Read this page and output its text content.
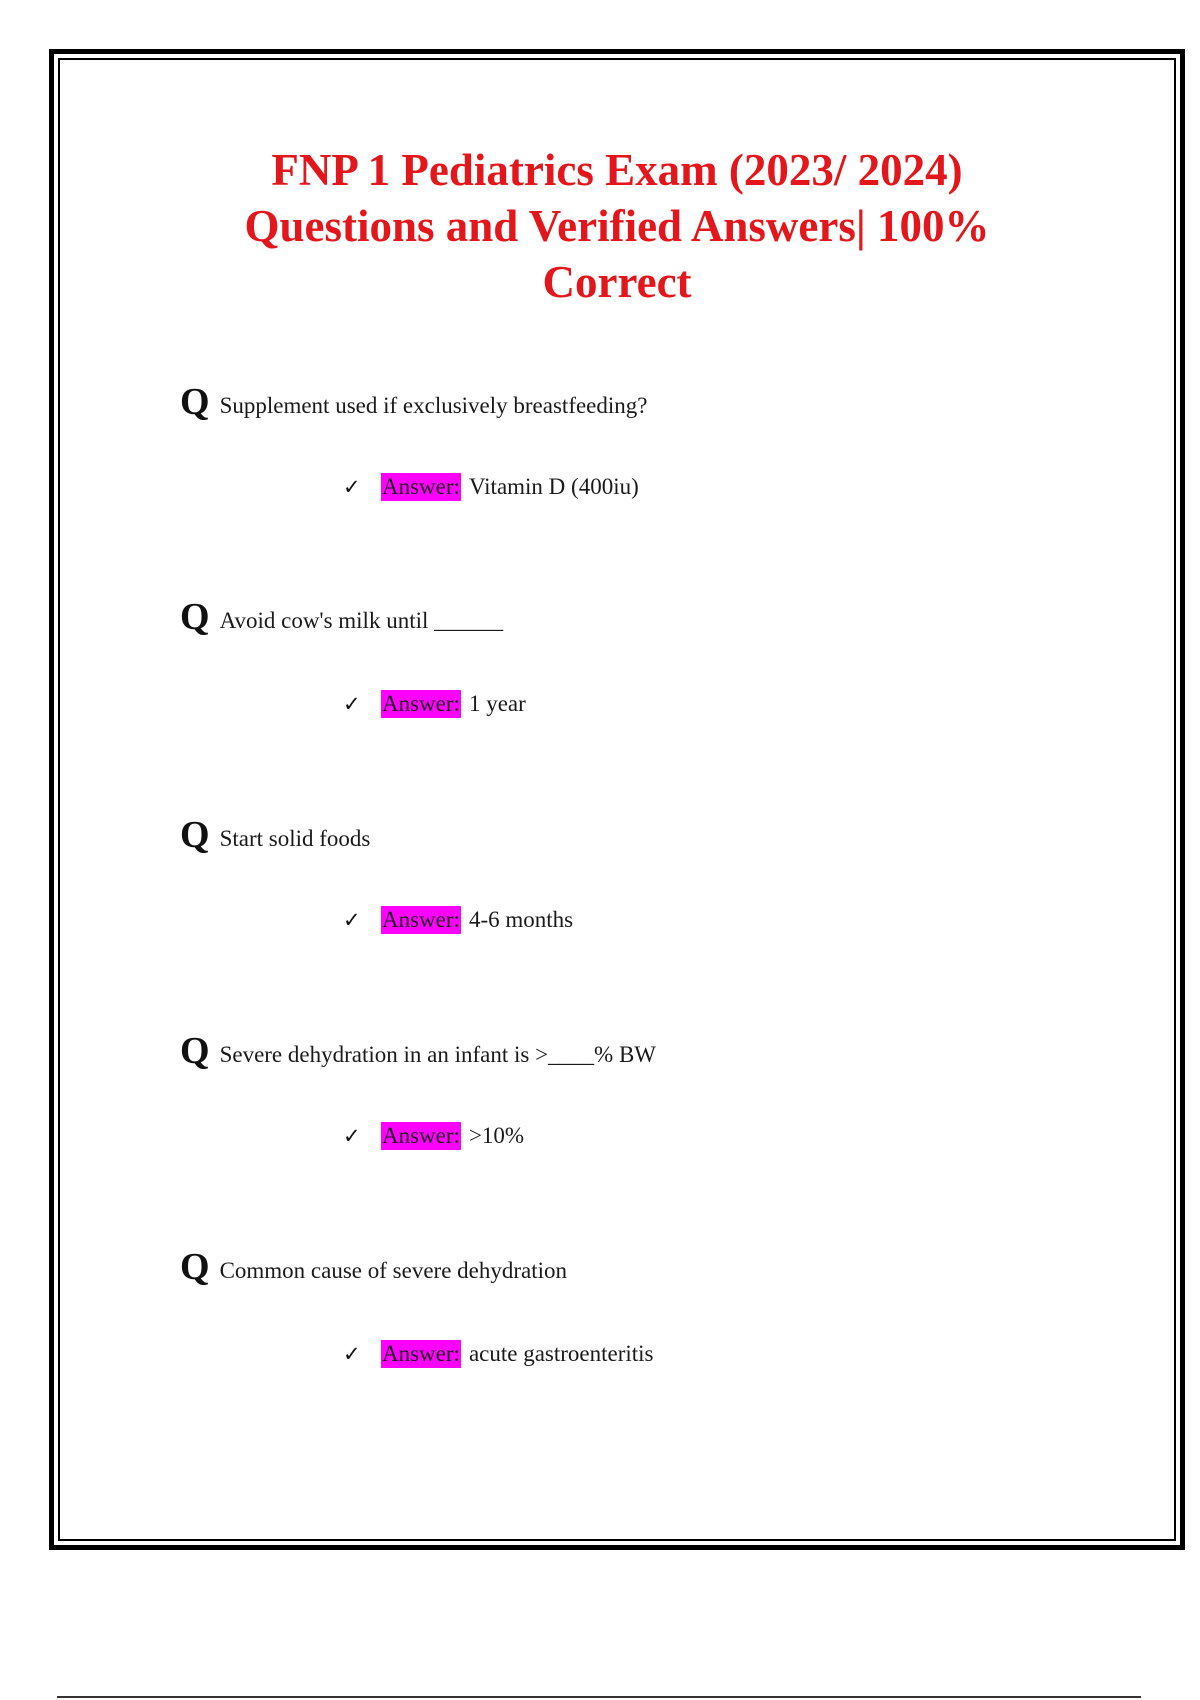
FNP 1 Pediatrics Exam (2023/ 2024)
Questions and Verified Answers| 100%
Correct
Q Supplement used if exclusively breastfeeding?
✓ Answer: Vitamin D (400iu)
Q Avoid cow's milk until ______
✓ Answer: 1 year
Q Start solid foods
✓ Answer: 4-6 months
Q Severe dehydration in an infant is >____% BW
✓ Answer: >10%
Q Common cause of severe dehydration
✓ Answer: acute gastroenteritis
